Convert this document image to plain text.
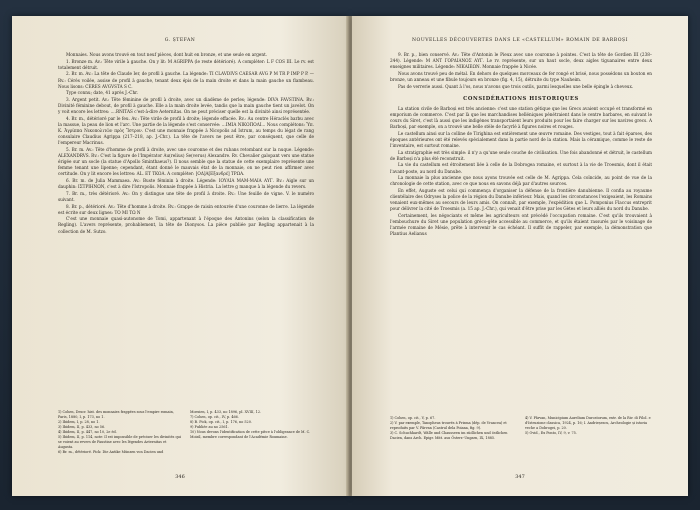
G. ȘTEFAN

Monnaies. Nous avons trouvé en tout neuf pièces, dont huit en bronze, et une seule en argent.

1. Bronze m. Av.: Tête virile à gauche. On y lit: M AGRIPPA (le reste détérioré). A compléter: L F COS III. Le rv. est totalement détruit.

2. Br. m. Av.: La tête de Claude Ier, de profil à gauche. La légende: TI CLAVDIVS CAESAR AVG P M TR P IMP P P. — Rv.: Cérès voilée, assise de profil à gauche, tenant deux épis de la main droite et dans la main gauche un flambeau. Nous lisons: CERES AVGVSTA S C.

Type connu; date, 41 après J.-Chr.

3. Argent petit. Av.: Tête féminine de profil à droite, avec un diadème de perles; légende: DIVA FAVSTINA. Rv.: Divinité féminine debout, de profil à gauche. Elle a la main droite levée, tandis que la main gauche tient un javelot. On y voit encore les lettres: ....RNITAS c'est-à-dire Aeternitas. On ne peut préciser quelle est la divinité ainsi représentée.

4. Br. m., détérioré par le feu. Av.: Tête virile de profil à droite; légende effacée. Rv.: Au centre Héraclès barbu avec la massue, la peau de lion et l'arc. Une partie de la légende s'est conservée: ...ΙΜΙΑ ΝΙΚΟΠΟΛΙ... Nous complétons: Ὑπ. Κ. Ἀγρίππα Νικοπολιτῶν πρὸς Ἴστρον. C'est une monnaie frappée à Nicopolis ad Istrum, au temps du légat de rang consulaire Claudius Agrippa (217–218, ap. J.-Chr.). La tête de l'avers ne peut être, par conséquent, que celle de l'empereur Macrinus.

5. Br. m. Av.: Tête d'homme de profil à droite, avec une couronne et des rubans retombant sur la nuque. Légende: ALEXANDRVS. Rv.: C'est la figure de l'Impérator Au(relius) Se(verus) Alexandre. Rv. Chevalier galopant vers une statue érigée sur un socle (la statue d'Apollo Sminthaeus?). Il nous semble que la statue de cette exemplaire représente une femme tenant une lipenne; cependant, étant donné le mauvais état de la monnaie, on ne peut rien affirmer avec certitude. On y lit encore les lettres: AL. ET TKOA. A compléter: [ΟΔ]Α[Εξανδρέ] ΤΡΩΑ.

6. Br. m. de Julia Mammaea. Av.: Buste féminin à droite. Légende: ΙΟΥΛΙΑ ΜΑΜ-ΜΑΙΑ ΑΥΓ. Rv.: Aigle sur un dauphin: ΙΣΤΡΙΗΝΩΝ, c'est à dire l'Istropolis. Monnaie frappée à Histria. La lettre g manque à la légende du revers.

7. Br. m., très détérioré. Av.: On y distingue une tête de profil à droite. Rv.: Une feuille de vigne. V. le numéro suivant.

8. Br. p., détérioré. Av.: Tête d'homme à droite. Rv.: Grappe de raisin entourée d'une couronne de lierre. La légende est écrite sur deux lignes: ΤΟ ΜΙ ΤΩ Ν

C'est une monnaie quasi-autonome de Tomi, appartenant à l'époque des Antonins (selon la classification de Regling). L'avers représente, probablement, la tête de Dionysos. La pièce publiée par Regling appartenait à la collection de M. Sutzo.

1) Cohen, Descr. hist. des monnaies frappées sous l'empire romain, Paris, 1880, I, p. 173, no 1.

2) Ibidem, I, p. 28, no 1.

3) Ibidem, II, p. 433, no 56.

4) Ibidem, II, p. 447, no 10, 2e éd.

5) Ibidem, II, p. 114, note: Il est impossible de préciser les divinités qui se voient au revers de Faustine avec les légendes Aeternitas et Augusta.

6) Br. m., détérioré. Pick: Die Antike Münzen von Dacien und

Moesien, I, p. 433, no 1896, pl. XVIII, 12.

7) Cohen, op. cit., IV, p. 466.

8) B. Pick, op. cit., I, p. 176, no 520.

9) Publiée au no 2561.

10) Nous devons l'identification de cette pièce à l'obligeance de M. C. Moisil, membre correspondant de l'Académie Roumaine.

346
NOUVELLES DÉCOUVERTES DANS LE «CASTELLUM» ROMAIN DE BARBOȘI

9. Br. p., bien conservé. Av.: Tête d'Antonin le Pieux avec une couronne à pointes. C'est la tête de Gordien III (238–244). Légende: Μ ΑΝΤ ΓΟΡΔΙΑΝΟΣ ΑΥΓ. Le rv. représente, sur un haut socle, deux aigles tiguanaires entre deux enseignes militaires. Légende: ΝΙΚΑΙΕΩΝ. Monnaie frappée à Nicée.

Nous avons trouvé peu de métal. En dehors de quelques morceaux de fer rongé et brisé, nous possédons un bouton en bronze, un anneau et une fibule toujours en bronze (fig. 4, 15), détruite du type Nauheim.

Pas de verrerie aussi. Quant à l'os, nous n'avons que trois outils, parmi lesquelles une belle épingle à cheveux.

CONSIDÉRATIONS HISTORIQUES

La station civile de Barboși est très ancienne: c'est une station gétique que les Grecs avaient occupé et transformé en emporium de commerce. C'est par là que les marchandises helléniques pénétraient dans le centre barbares, en suivant le cours du Siret, c'est là aussi que les indigènes transportaient leurs produits pour les faire charger sur les navires grecs. A Barboși, par exemple, on a trouvé une belle stèle de facyrlé à figures noires et rouges.

Le castellum ainsi sur la colline de Tirighina est entièrement une œuvre romaine. Des vestiges, tout à fait éparses, des époques antérieures ont été relevés spécialement dans la partie nord de la station. Mais la céramique, comme le reste de l'inventaire, est surtout romaine.

La stratigraphie est très simple: il n'y a qu'une seule couche de civilisation. Une fois abandonné et détruit, le castellum de Barboși n'a plus été reconstruit.

La vie du castellum est étroitement liée à celle de la Dobrogea romaine, et surtout à la vie de Troesmis, dont il était l'avant-poste, au nord du Danube.

La monnaie la plus ancienne que nous ayons trouvée est celle de M. Agrippa. Cela coïncide, au point de vue de la chronologie de cette station, avec ce que nous en savons déjà par d'autres sources.

En effet, Auguste est celui qui commença d'organiser la défense de la frontière danubienne. Il confia au royaume clientélaire des Odryses la police de la région du Danube inférieur. Mais, quand les circonstances l'exigeaient, les Romains venaient eux-mêmes au secours de leurs amis. On connaît, par exemple, l'expédition que L. Pomponius Flaccus entreprit pour délivrer la cité de Troesmis (a. 15 ap. J.-Chr.), qui venait d'être prise par les Gètes et leurs alliés du nord du Danube.

Certainement, les négociants et même les agriculteurs ont précédé l'occupation romaine. C'est qu'ils trouvaient à l'embouchure du Siret une population gréco-gète accessible au commerce, et qu'ils étaient rassurés par le voisinage de l'armée romaine de Mésie, prête à intervenir le cas échéant. Il suffit de rappeler, par exemple, la démonstration que Plantius Aelianus

1) Cohen, op. cit., V, p. 67.

2) V. par exemple, Tanopheus trouvés à Prisma (dép. de Vrancea) et reproduits par V. Pârvan (Castrul dela Poiana, fig. 9).

3) C. Schuchhardt, Wälle und Chausseen im südlichen und östlichen Dacien, dans Arch. Epigr. Mitt. aus Österr.-Ungarn, IX, 1885.

4) V. Pârvan, Municipium Aurelium Durostorum, extr. de la Riv. di Filol. e d'Istruzione classica, 1924, p. 16; I. Andrieșescu, Archeologie și istoria veche a Dobrogei, p. 20.

5) Ovid., Ex Ponto, IV, 9, v. 75.

347
